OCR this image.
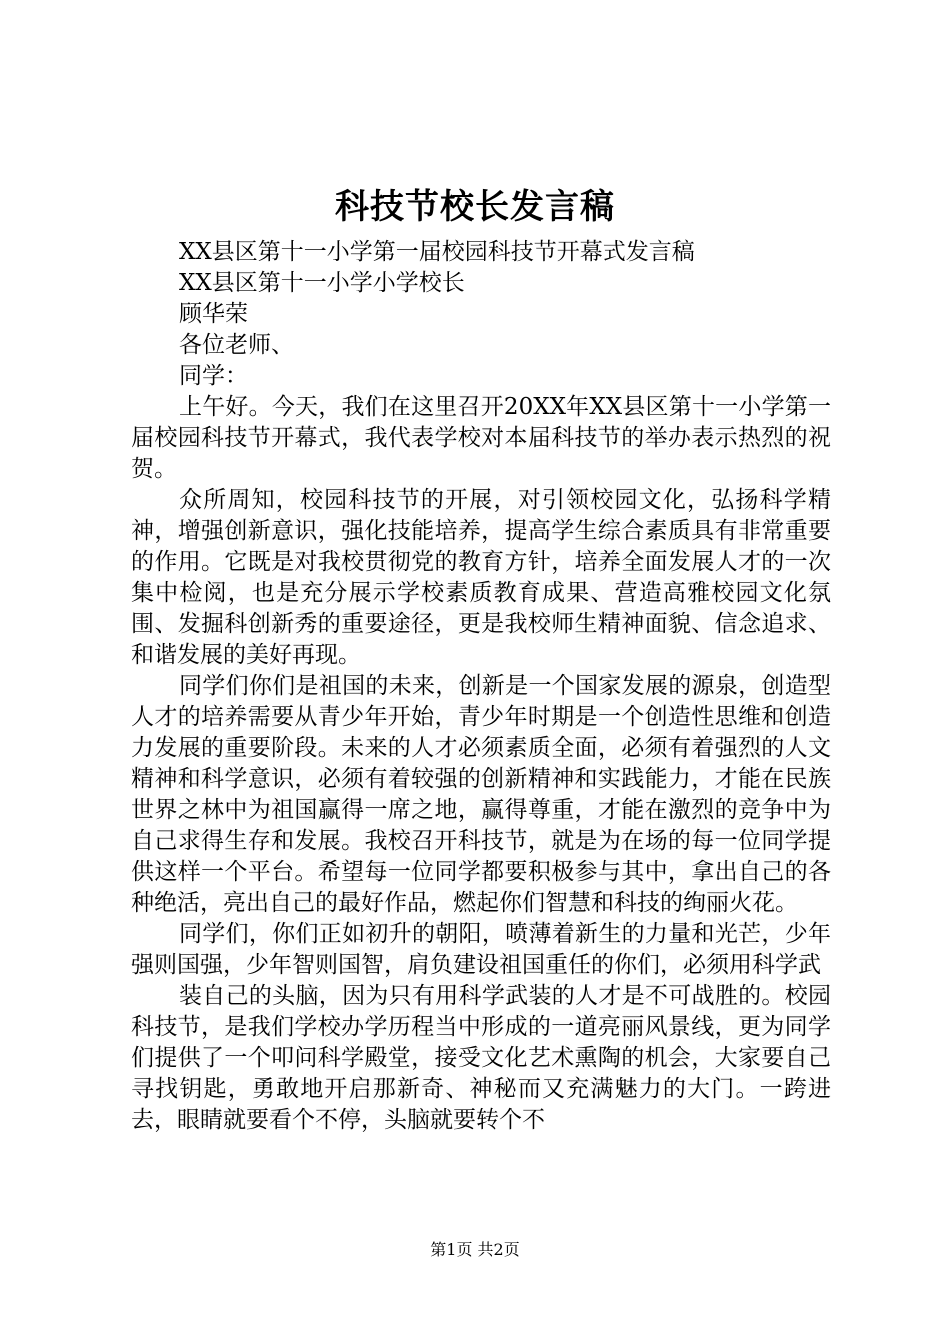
科技节校长发言稿

XX县区第十一小学第一届校园科技节开幕式发言稿

XX县区第十一小学小学校长

顾华荣

各位老师、

同学：

上午好。今天，我们在这里召开20XX年XX县区第十一小学第一届校园科技节开幕式，我代表学校对本届科技节的举办表示热烈的祝贺。

众所周知，校园科技节的开展，对引领校园文化，弘扬科学精神，增强创新意识，强化技能培养，提高学生综合素质具有非常重要的作用。它既是对我校贯彻党的教育方针，培养全面发展人才的一次集中检阅，也是充分展示学校素质教育成果、营造高雅校园文化氛围、发掘科创新秀的重要途径，更是我校师生精神面貌、信念追求、和谐发展的美好再现。

同学们你们是祖国的未来，创新是一个国家发展的源泉，创造型人才的培养需要从青少年开始，青少年时期是一个创造性思维和创造力发展的重要阶段。未来的人才必须素质全面，必须有着强烈的人文精神和科学意识，必须有着较强的创新精神和实践能力，才能在民族世界之林中为祖国赢得一席之地，赢得尊重，才能在激烈的竞争中为自己求得生存和发展。我校召开科技节，就是为在场的每一位同学提供这样一个平台。希望每一位同学都要积极参与其中，拿出自己的各种绝活，亮出自己的最好作品，燃起你们智慧和科技的绚丽火花。

同学们，你们正如初升的朝阳，喷薄着新生的力量和光芒，少年强则国强，少年智则国智，肩负建设祖国重任的你们，必须用科学武

装自己的头脑，因为只有用科学武装的人才是不可战胜的。校园科技节，是我们学校办学历程当中形成的一道亮丽风景线，更为同学们提供了一个叩问科学殿堂，接受文化艺术熏陶的机会，大家要自己寻找钥匙，勇敢地开启那新奇、神秘而又充满魅力的大门。一跨进去，眼睛就要看个不停，头脑就要转个不

第1页 共2页
